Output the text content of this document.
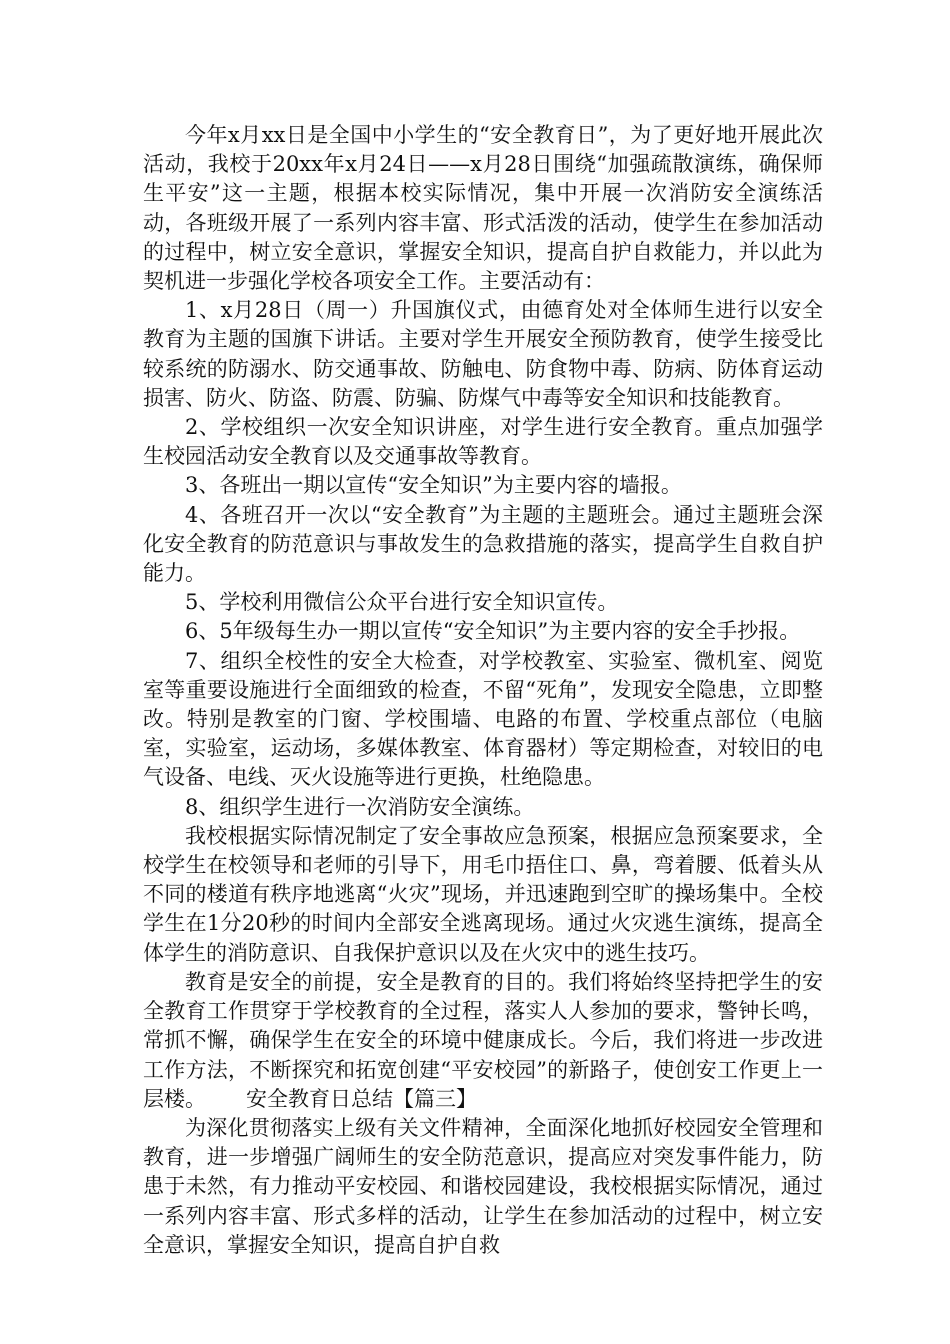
今年x月xx日是全国中小学生的“安全教育日”，为了更好地开展此次活动，我校于20xx年x月24日——x月28日围绕“加强疏散演练，确保师生平安”这一主题，根据本校实际情况，集中开展一次消防安全演练活动，各班级开展了一系列内容丰富、形式活泼的活动，使学生在参加活动的过程中，树立安全意识，掌握安全知识，提高自护自救能力，并以此为契机进一步强化学校各项安全工作。主要活动有：

1、x月28日（周一）升国旗仪式，由德育处对全体师生进行以安全教育为主题的国旗下讲话。主要对学生开展安全预防教育，使学生接受比较系统的防溺水、防交通事故、防触电、防食物中毒、防病、防体育运动损害、防火、防盗、防震、防骗、防煤气中毒等安全知识和技能教育。

2、学校组织一次安全知识讲座，对学生进行安全教育。重点加强学生校园活动安全教育以及交通事故等教育。

3、各班出一期以宣传“安全知识”为主要内容的墙报。

4、各班召开一次以“安全教育”为主题的主题班会。通过主题班会深化安全教育的防范意识与事故发生的急救措施的落实，提高学生自救自护能力。

5、学校利用微信公众平台进行安全知识宣传。

6、5年级每生办一期以宣传“安全知识”为主要内容的安全手抄报。

7、组织全校性的安全大检查，对学校教室、实验室、微机室、阅览室等重要设施进行全面细致的检查，不留“死角”，发现安全隐患，立即整改。特别是教室的门窗、学校围墙、电路的布置、学校重点部位（电脑室，实验室，运动场，多媒体教室、体育器材）等定期检查，对较旧的电气设备、电线、灭火设施等进行更换，杜绝隐患。

8、组织学生进行一次消防安全演练。

我校根据实际情况制定了安全事故应急预案，根据应急预案要求，全校学生在校领导和老师的引导下，用毛巾捂住口、鼻，弯着腰、低着头从不同的楼道有秩序地逃离“火灾”现场，并迅速跑到空旷的操场集中。全校学生在1分20秒的时间内全部安全逃离现场。通过火灾逃生演练，提高全体学生的消防意识、自我保护意识以及在火灾中的逃生技巧。

教育是安全的前提，安全是教育的目的。我们将始终坚持把学生的安全教育工作贯穿于学校教育的全过程，落实人人参加的要求，警钟长鸣，常抓不懈，确保学生在安全的环境中健康成长。今后，我们将进一步改进工作方法，不断探究和拓宽创建“平安校园”的新路子，使创安工作更上一层楼。 安全教育日总结【篇三】

为深化贯彻落实上级有关文件精神，全面深化地抓好校园安全管理和教育，进一步增强广阔师生的安全防范意识，提高应对突发事件能力，防患于未然，有力推动平安校园、和谐校园建设，我校根据实际情况，通过一系列内容丰富、形式多样的活动，让学生在参加活动的过程中，树立安全意识，掌握安全知识，提高自护自救
